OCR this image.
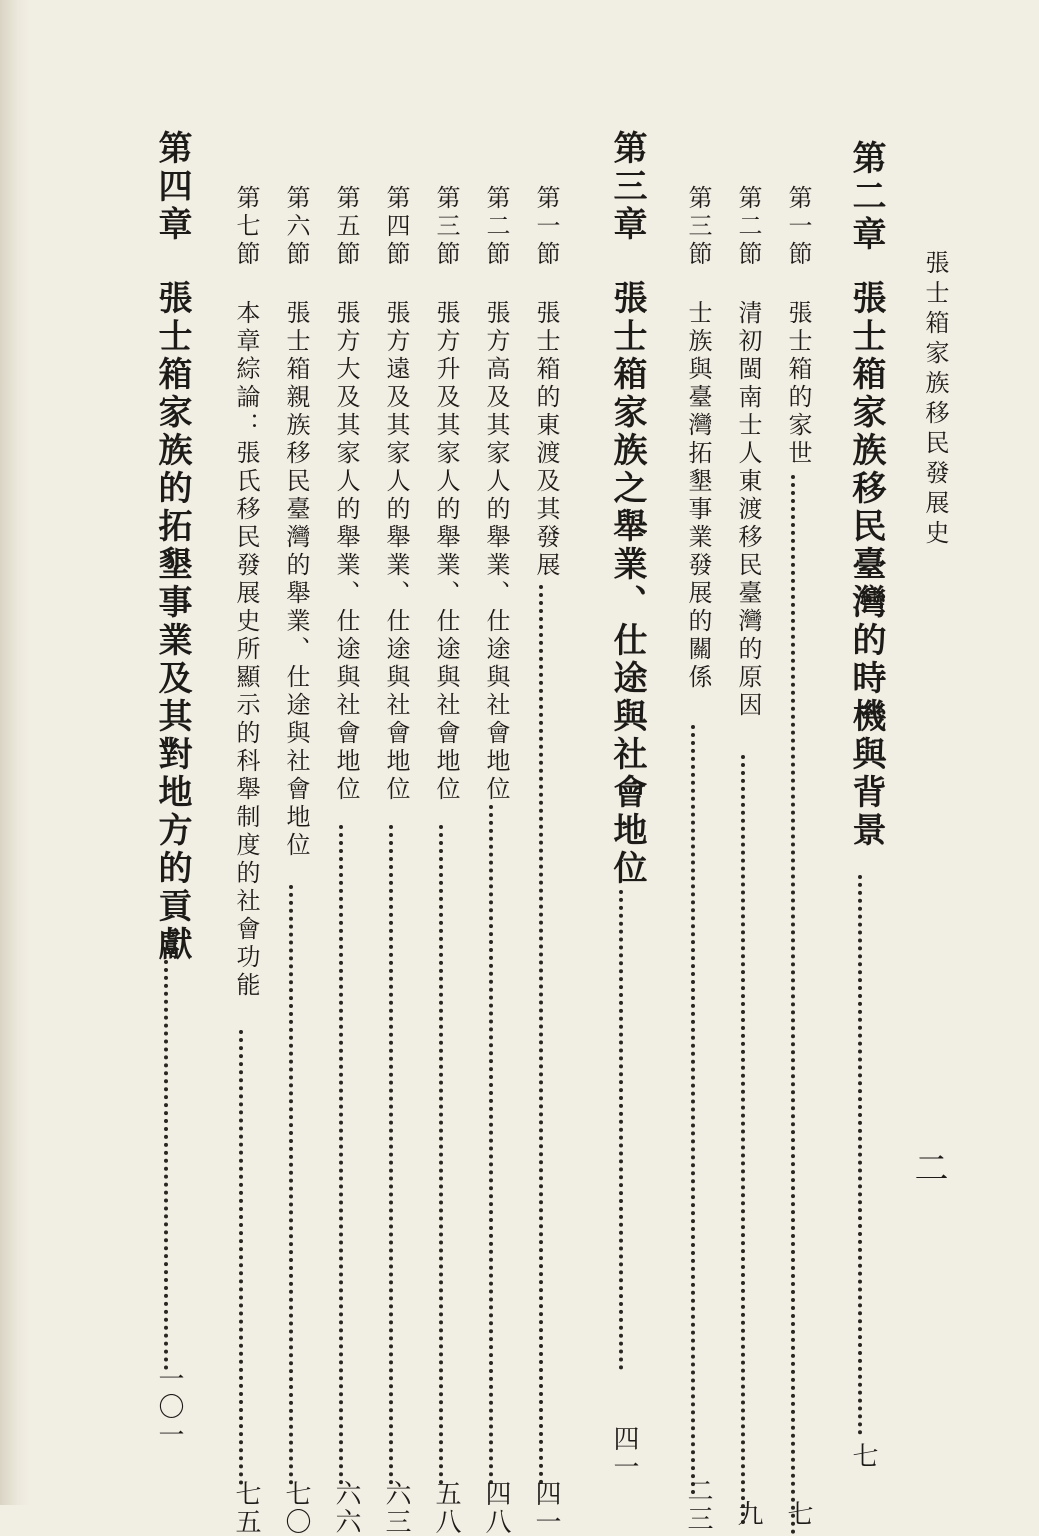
張士箱家族移民發展史
二
第二章
張士箱家族移民臺灣的時機與背景
七
第一節
張士箱的家世
七
第二節
清初閩南士人東渡移民臺灣的原因
九
第三節
士族與臺灣拓墾事業發展的關係
二三
第三章
張士箱家族之舉業、仕途與社會地位
四一
第一節
張士箱的東渡及其發展
四一
第二節
張方高及其家人的舉業、仕途與社會地位
四八
第三節
張方升及其家人的舉業、仕途與社會地位
五八
第四節
張方遠及其家人的舉業、仕途與社會地位
六三
第五節
張方大及其家人的舉業、仕途與社會地位
六六
第六節
張士箱親族移民臺灣的舉業、仕途與社會地位
七〇
第七節
本章綜論：張氏移民發展史所顯示的科舉制度的社會功能
七五
第四章
張士箱家族的拓墾事業及其對地方的貢獻
一〇一
